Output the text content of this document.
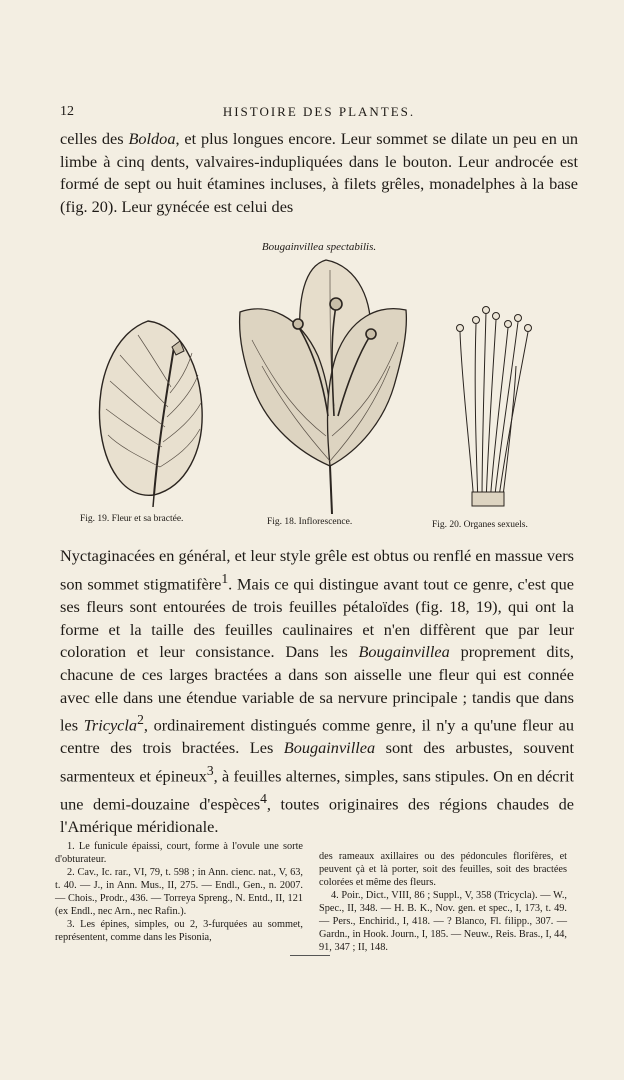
12	HISTOIRE DES PLANTES.

celles des Boldoa, et plus longues encore. Leur sommet se dilate un peu en un limbe à cinq dents, valvaires-indupliquées dans le bouton. Leur androcée est formé de sept ou huit étamines incluses, à filets grêles, monadelphes à la base (fig. 20). Leur gynécée est celui des

Bougainvillea spectabilis.
Fig. 19. Fleur et sa bractée.	Fig. 18. Inflorescence.	Fig. 20. Organes sexuels.

Nyctaginacées en général, et leur style grêle est obtus ou renflé en massue vers son sommet stigmatifère$^1$. Mais ce qui distingue avant tout ce genre, c'est que ses fleurs sont entourées de trois feuilles pétaloïdes (fig. 18, 19), qui ont la forme et la taille des feuilles caulinaires et n'en diffèrent que par leur coloration et leur consistance. Dans les Bougainvillea proprement dits, chacune de ces larges bractées a dans son aisselle une fleur qui est connée avec elle dans une étendue variable de sa nervure principale ; tandis que dans les Tricycla$^2$, ordinairement distingués comme genre, il n'y a qu'une fleur au centre des trois bractées. Les Bougainvillea sont des arbustes, souvent sarmenteux et épineux$^3$, à feuilles alternes, simples, sans stipules. On en décrit une demi-douzaine d'espèces$^4$, toutes originaires des régions chaudes de l'Amérique méridionale.

1. Le funicule épaissi, court, forme à l'ovule une sorte d'obturateur.

2. Cav., Ic. rar., VI, 79, t. 598 ; in Ann. cienc. nat., V, 63, t. 40. — J., in Ann. Mus., II, 275. — Endl., Gen., n. 2007. — Chois., Prodr., 436. — Torreya Spreng., N. Entd., II, 121 (ex Endl., nec Arn., nec Rafin.).

3. Les épines, simples, ou 2, 3-furquées au sommet, représentent, comme dans les Pisonia,

des rameaux axillaires ou des pédoncules florifères, et peuvent çà et là porter, soit des feuilles, soit des bractées colorées et même des fleurs.

4. Poir., Dict., VIII, 86 ; Suppl., V, 358 (Tricycla). — W., Spec., II, 348. — H. B. K., Nov. gen. et spec., I, 173, t. 49. — Pers., Enchirid., I, 418. — ? Blanco, Fl. filipp., 307. — Gardn., in Hook. Journ., I, 185. — Neuw., Reis. Bras., I, 44, 91, 347 ; II, 148.
